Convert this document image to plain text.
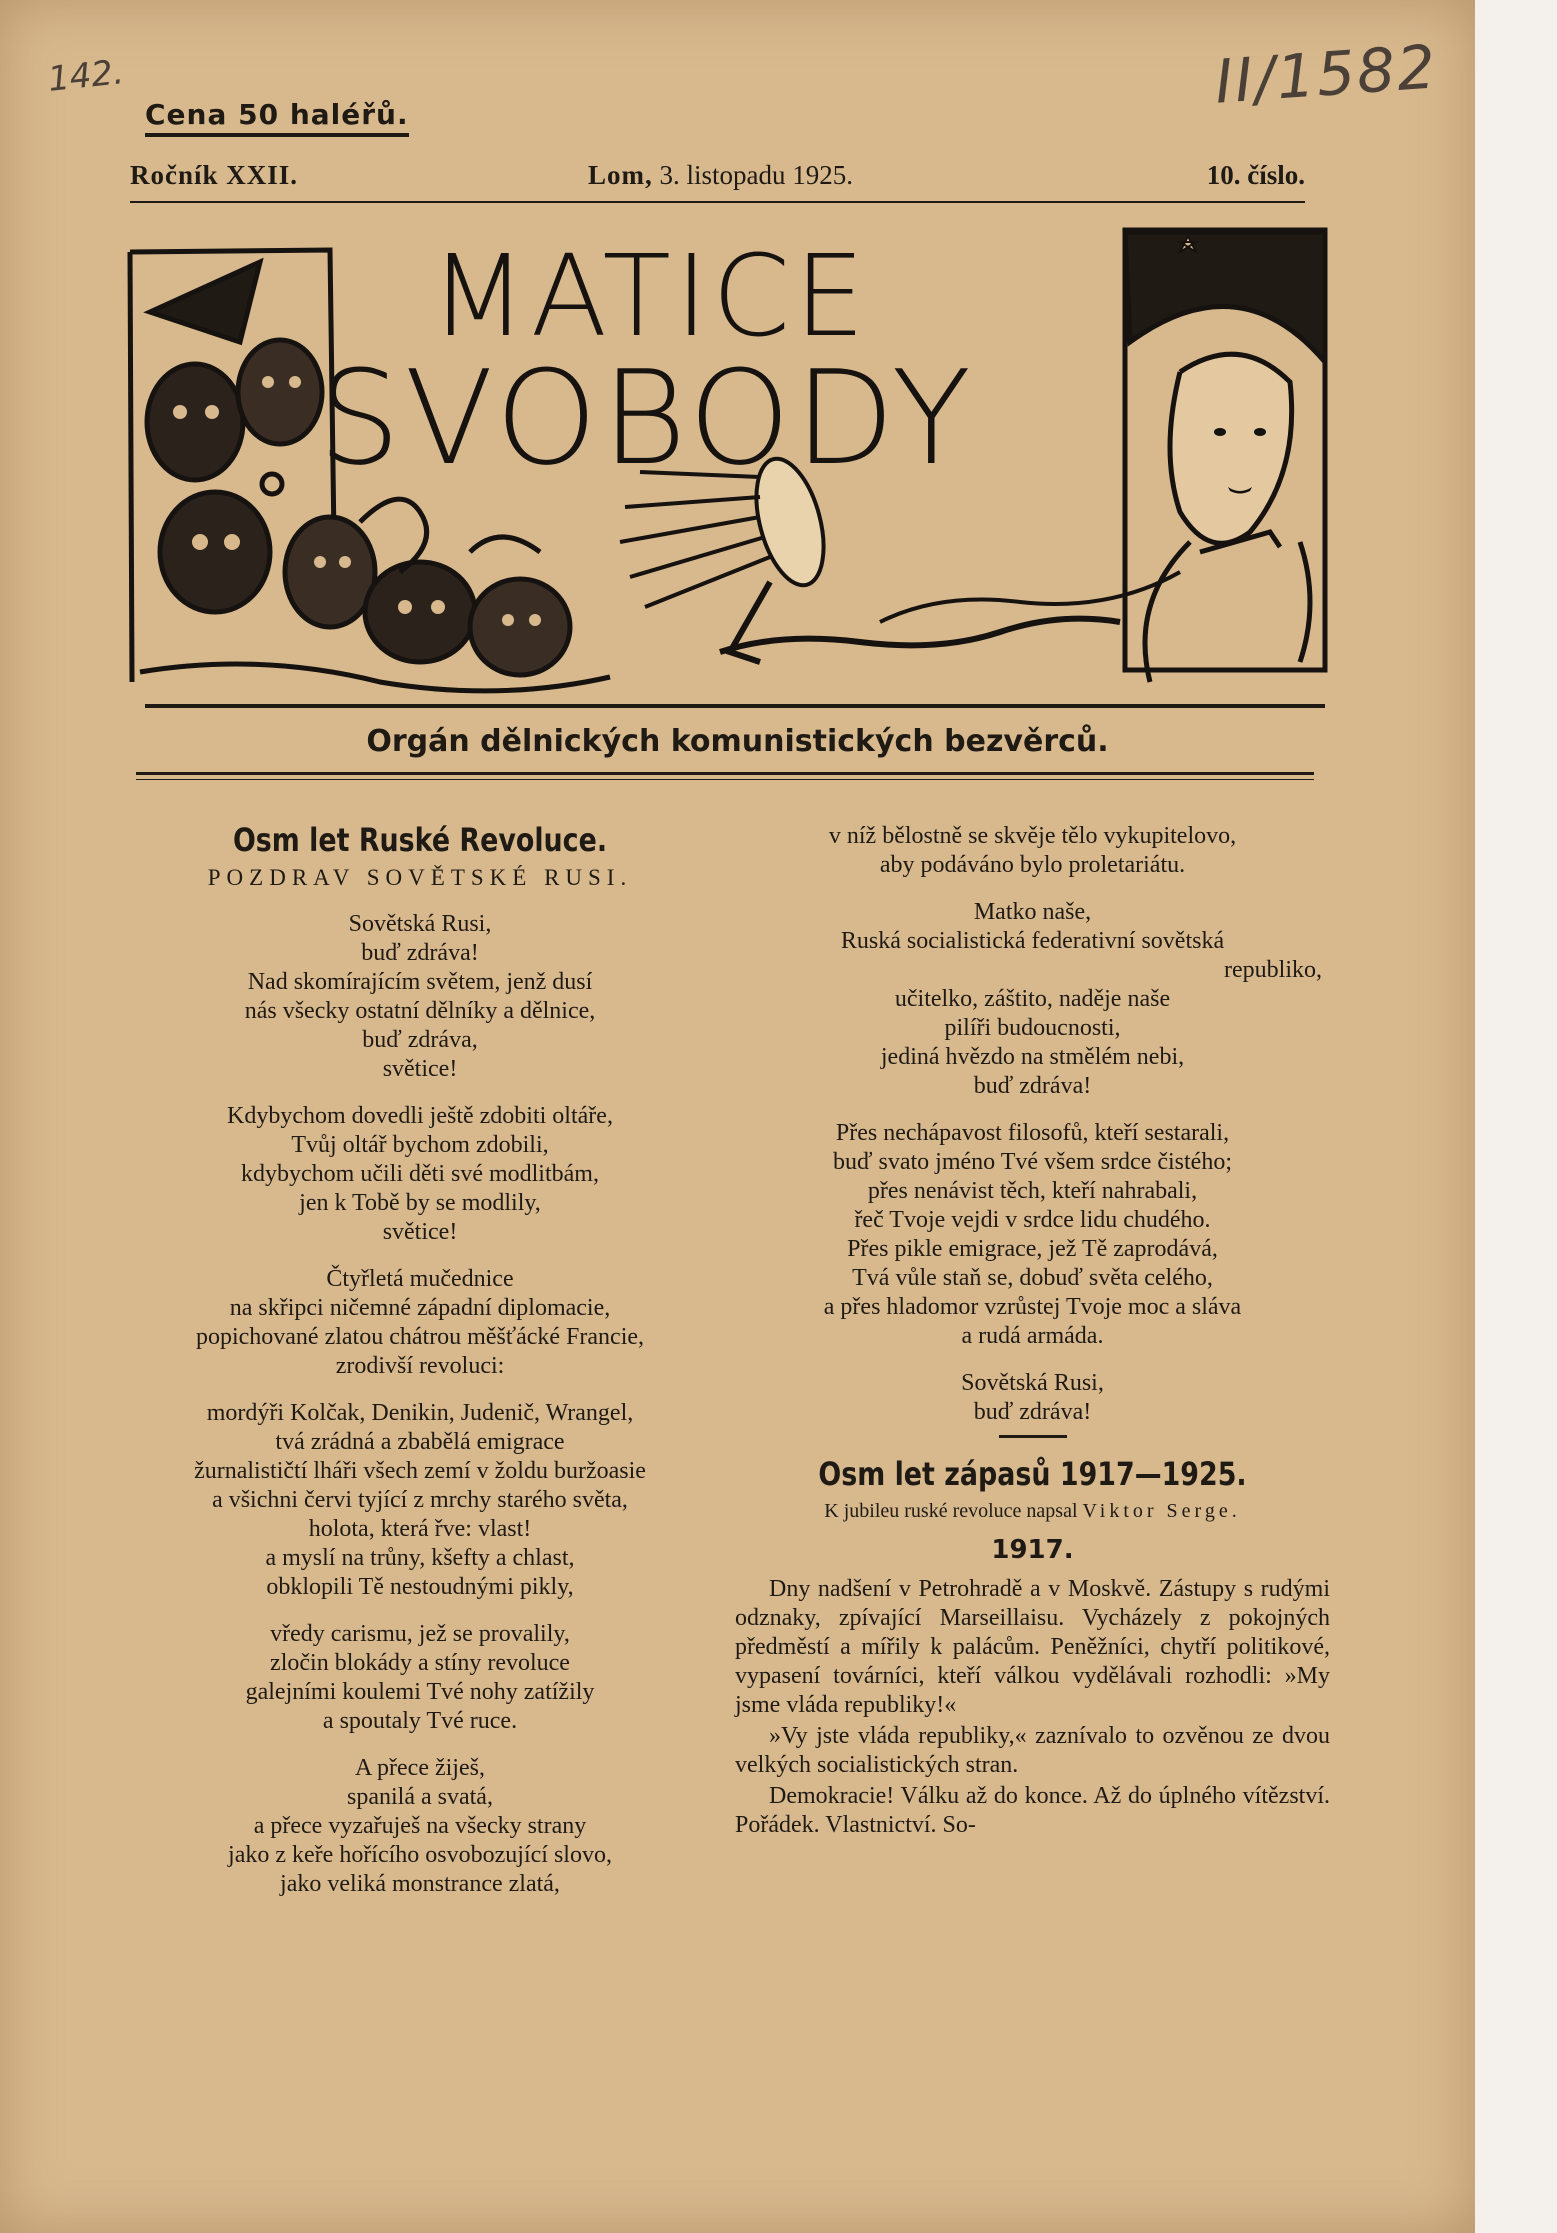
142.	II/1582
Cena 50 haléřů.
Ročník XXII.	Lom, 3. listopadu 1925.	10. číslo.
MATICE
SVOBODY
Orgán dělnických komunistických bezvěrců.
Osm let Ruské Revoluce.
POZDRAV SOVĚTSKÉ RUSI.
Sovětská Rusi,
buď zdráva!
Nad skomírajícím světem, jenž dusí
nás všecky ostatní dělníky a dělnice,
buď zdráva,
světice!
Kdybychom dovedli ještě zdobiti oltáře,
Tvůj oltář bychom zdobili,
kdybychom učili děti své modlitbám,
jen k Tobě by se modlily,
světice!
Čtyřletá mučednice
na skřipci ničemné západní diplomacie,
popichované zlatou chátrou měšťácké Francie,
zrodivší revoluci:
mordýři Kolčak, Denikin, Judenič, Wrangel,
tvá zrádná a zbabělá emigrace
žurnalističtí lháři všech zemí v žoldu buržoasie
a všichni červi tyjící z mrchy starého světa,
holota, která řve: vlast!
a myslí na trůny, kšefty a chlast,
obklopili Tě nestoudnými pikly,
vředy carismu, jež se provalily,
zločin blokády a stíny revoluce
galejními koulemi Tvé nohy zatížily
a spoutaly Tvé ruce.
A přece žiješ,
spanilá a svatá,
a přece vyzařuješ na všecky strany
jako z keře hořícího osvobozující slovo,
jako veliká monstrance zlatá,
v níž bělostně se skvěje tělo vykupitelovo,
aby podáváno bylo proletariátu.
Matko naše,
Ruská socialistická federativní sovětská
republiko,
učitelko, záštito, naděje naše
pilíři budoucnosti,
jediná hvězdo na stmělém nebi,
buď zdráva!
Přes nechápavost filosofů, kteří sestarali,
buď svato jméno Tvé všem srdce čistého;
přes nenávist těch, kteří nahrabali,
řeč Tvoje vejdi v srdce lidu chudého.
Přes pikle emigrace, jež Tě zaprodává,
Tvá vůle staň se, dobuď světa celého,
a přes hladomor vzrůstej Tvoje moc a sláva
a rudá armáda.
Sovětská Rusi,
buď zdráva!
Osm let zápasů 1917—1925.
K jubileu ruské revoluce napsal Viktor Serge.
1917.

Dny nadšení v Petrohradě a v Moskvě. Zástupy s rudými odznaky, zpívající Marseillaisu. Vycházely z pokojných předměstí a mířily k palácům. Peněžníci, chytří politikové, vypasení továrníci, kteří válkou vydělávali rozhodli: »My jsme vláda republiky!«

»Vy jste vláda republiky,« zaznívalo to ozvěnou ze dvou velkých socialistických stran.

Demokracie! Válku až do konce. Až do úplného vítězství. Pořádek. Vlastnictví. So-
